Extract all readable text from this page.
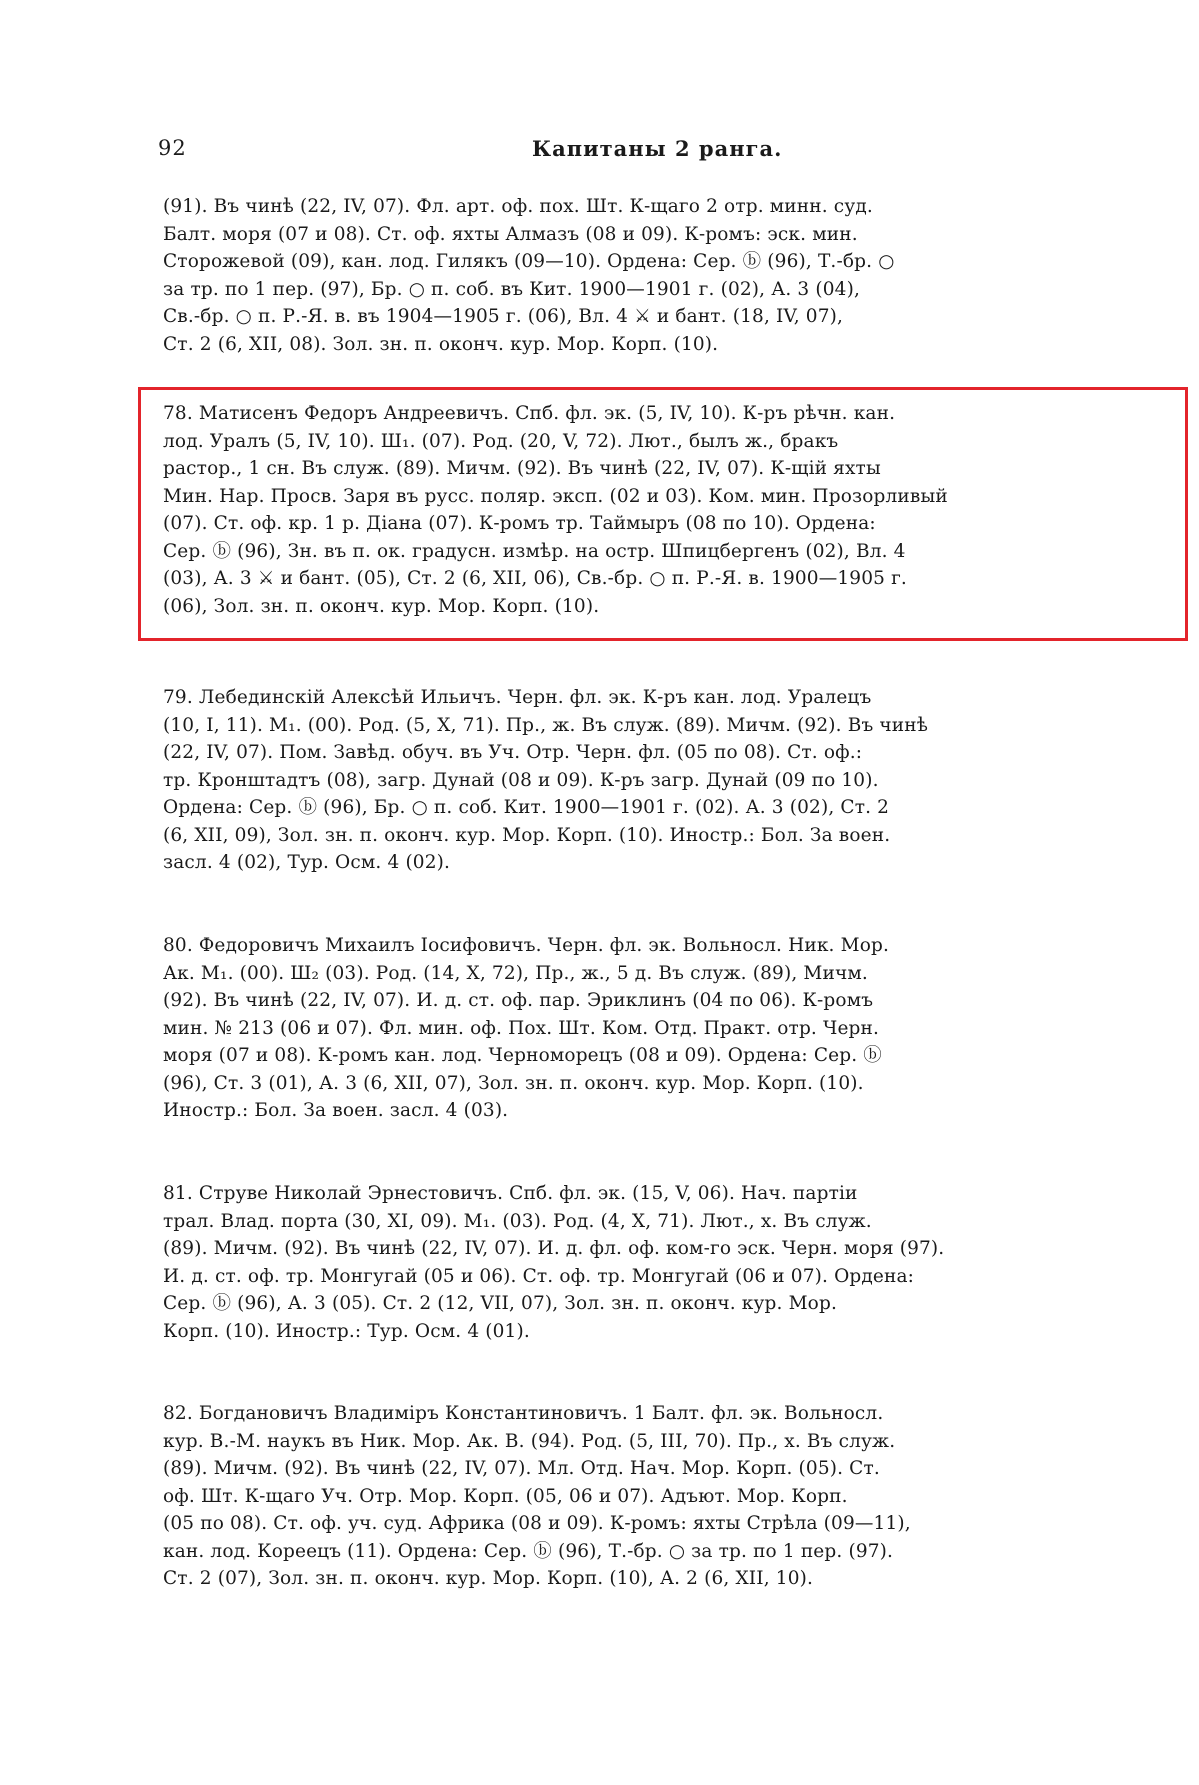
92	Капитаны 2 ранга.
(91). Въ чинѣ (22, IV, 07). Фл. арт. оф. пох. Шт. К-щаго 2 отр. минн. суд.
Балт. моря (07 и 08). Ст. оф. яхты Алмазъ (08 и 09). К-ромъ: эск. мин.
Сторожевой (09), кан. лод. Гилякъ (09—10). Ордена: Сер. ⓑ (96), Т.-бр. ○
за тр. по 1 пер. (97), Бр. ○ п. соб. въ Кит. 1900—1901 г. (02), А. 3 (04),
Св.-бр. ○ п. Р.-Я. в. въ 1904—1905 г. (06), Вл. 4 ⚔ и бант. (18, IV, 07),
Ст. 2 (6, XII, 08). Зол. зн. п. оконч. кур. Мор. Корп. (10).
78. Матисенъ Федоръ Андреевичъ. Спб. фл. эк. (5, IV, 10). К-ръ рѣчн. кан.
лод. Уралъ (5, IV, 10). Ш₁. (07). Род. (20, V, 72). Лют., былъ ж., бракъ
растор., 1 сн. Въ служ. (89). Мичм. (92). Въ чинѣ (22, IV, 07). К-щій яхты
Мин. Нар. Просв. Заря въ русс. поляр. эксп. (02 и 03). Ком. мин. Прозорливый
(07). Ст. оф. кр. 1 р. Діана (07). К-ромъ тр. Таймыръ (08 по 10). Ордена:
Сер. ⓑ (96), Зн. въ п. ок. градусн. измѣр. на остр. Шпицбергенъ (02), Вл. 4
(03), А. 3 ⚔ и бант. (05), Ст. 2 (6, XII, 06), Св.-бр. ○ п. Р.-Я. в. 1900—1905 г.
(06), Зол. зн. п. оконч. кур. Мор. Корп. (10).
79. Лебединскій Алексѣй Ильичъ. Черн. фл. эк. К-ръ кан. лод. Уралецъ
(10, I, 11). М₁. (00). Род. (5, X, 71). Пр., ж. Въ служ. (89). Мичм. (92). Въ чинѣ
(22, IV, 07). Пом. Завѣд. обуч. въ Уч. Отр. Черн. фл. (05 по 08). Ст. оф.:
тр. Кронштадтъ (08), загр. Дунай (08 и 09). К-ръ загр. Дунай (09 по 10).
Ордена: Сер. ⓑ (96), Бр. ○ п. соб. Кит. 1900—1901 г. (02). А. 3 (02), Ст. 2
(6, XII, 09), Зол. зн. п. оконч. кур. Мор. Корп. (10). Иностр.: Бол. За воен.
засл. 4 (02), Тур. Осм. 4 (02).
80. Федоровичъ Михаилъ Іосифовичъ. Черн. фл. эк. Вольносл. Ник. Мор.
Ак. М₁. (00). Ш₂ (03). Род. (14, X, 72), Пр., ж., 5 д. Въ служ. (89), Мичм.
(92). Въ чинѣ (22, IV, 07). И. д. ст. оф. пар. Эриклинъ (04 по 06). К-ромъ
мин. № 213 (06 и 07). Фл. мин. оф. Пох. Шт. Ком. Отд. Практ. отр. Черн.
моря (07 и 08). К-ромъ кан. лод. Черноморецъ (08 и 09). Ордена: Сер. ⓑ
(96), Ст. 3 (01), А. 3 (6, XII, 07), Зол. зн. п. оконч. кур. Мор. Корп. (10).
Иностр.: Бол. За воен. засл. 4 (03).
81. Струве Николай Эрнестовичъ. Спб. фл. эк. (15, V, 06). Нач. партіи
трал. Влад. порта (30, XI, 09). М₁. (03). Род. (4, X, 71). Лют., х. Въ служ.
(89). Мичм. (92). Въ чинѣ (22, IV, 07). И. д. фл. оф. ком-го эск. Черн. моря (97).
И. д. ст. оф. тр. Монгугай (05 и 06). Ст. оф. тр. Монгугай (06 и 07). Ордена:
Сер. ⓑ (96), А. 3 (05). Ст. 2 (12, VII, 07), Зол. зн. п. оконч. кур. Мор.
Корп. (10). Иностр.: Тур. Осм. 4 (01).
82. Богдановичъ Владиміръ Константиновичъ. 1 Балт. фл. эк. Вольносл.
кур. В.-М. наукъ въ Ник. Мор. Ак. В. (94). Род. (5, III, 70). Пр., х. Въ служ.
(89). Мичм. (92). Въ чинѣ (22, IV, 07). Мл. Отд. Нач. Мор. Корп. (05). Ст.
оф. Шт. К-щаго Уч. Отр. Мор. Корп. (05, 06 и 07). Адъют. Мор. Корп.
(05 по 08). Ст. оф. уч. суд. Африка (08 и 09). К-ромъ: яхты Стрѣла (09—11),
кан. лод. Кореецъ (11). Ордена: Сер. ⓑ (96), Т.-бр. ○ за тр. по 1 пер. (97).
Ст. 2 (07), Зол. зн. п. оконч. кур. Мор. Корп. (10), А. 2 (6, XII, 10).
